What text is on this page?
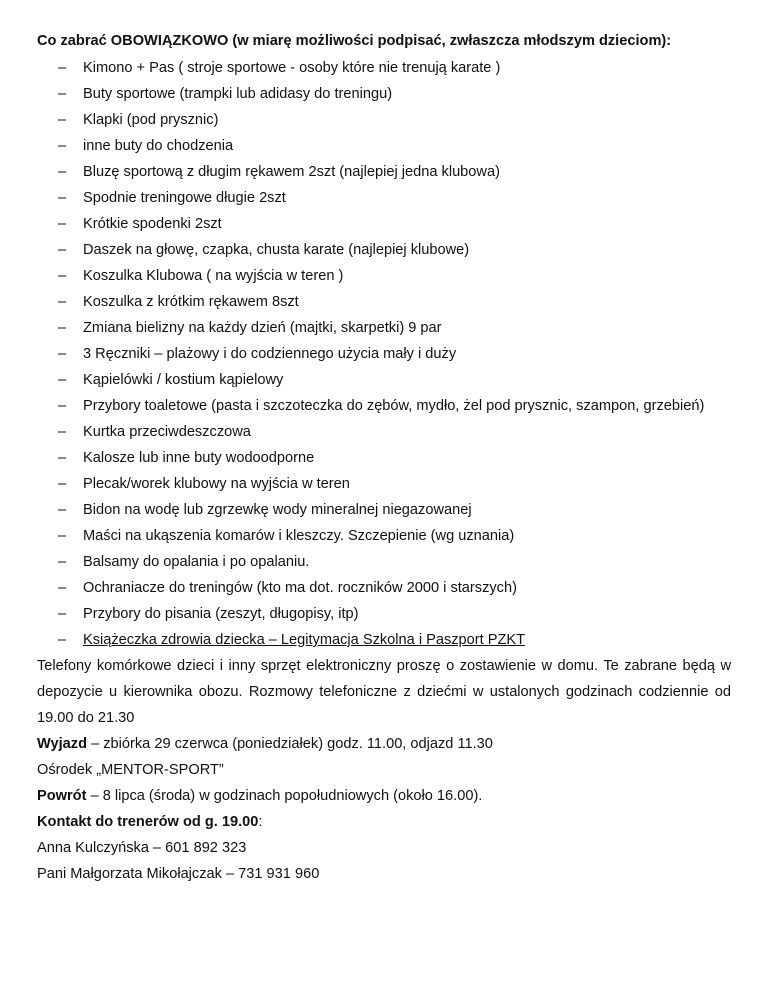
Co zabrać OBOWIĄZKOWO (w miarę możliwości podpisać, zwłaszcza młodszym dzieciom):
– Kimono + Pas ( stroje sportowe - osoby które nie trenują karate )
– Buty sportowe (trampki lub adidasy do treningu)
– Klapki (pod prysznic)
– inne buty do chodzenia
– Bluzę sportową z długim rękawem 2szt (najlepiej jedna klubowa)
– Spodnie treningowe długie 2szt
– Krótkie spodenki 2szt
– Daszek na głowę, czapka, chusta karate (najlepiej klubowe)
– Koszulka Klubowa ( na wyjścia w teren )
– Koszulka z krótkim rękawem 8szt
– Zmiana bielizny na każdy dzień (majtki, skarpetki) 9 par
– 3 Ręczniki – plażowy i do codziennego użycia mały i duży
– Kąpielówki / kostium kąpielowy
– Przybory toaletowe (pasta i szczoteczka do zębów, mydło, żel pod prysznic, szampon, grzebień)
– Kurtka przeciwdeszczowa
– Kalosze lub inne buty wodoodporne
– Plecak/worek klubowy na wyjścia w teren
– Bidon na wodę lub zgrzewkę wody mineralnej niegazowanej
– Maści na ukąszenia komarów i kleszczy. Szczepienie (wg uznania)
– Balsamy do opalania i po opalaniu.
– Ochraniacze do treningów (kto ma dot. roczników 2000 i starszych)
– Przybory do pisania (zeszyt, długopisy, itp)
– Książeczka zdrowia dziecka – Legitymacja Szkolna i Paszport PZKT

Telefony komórkowe dzieci i inny sprzęt elektroniczny proszę o zostawienie w domu. Te zabrane będą w depozycie u kierownika obozu. Rozmowy telefoniczne z dziećmi w ustalonych godzinach codziennie od 19.00 do 21.30

Wyjazd – zbiórka 29 czerwca (poniedziałek) godz. 11.00, odjazd 11.30
Ośrodek „MENTOR-SPORT”
Powrót – 8 lipca (środa) w godzinach popołudniowych (około 16.00).
Kontakt do trenerów od g. 19.00:
Anna Kulczyńska – 601 892 323
Pani Małgorzata Mikołajczak – 731 931 960
